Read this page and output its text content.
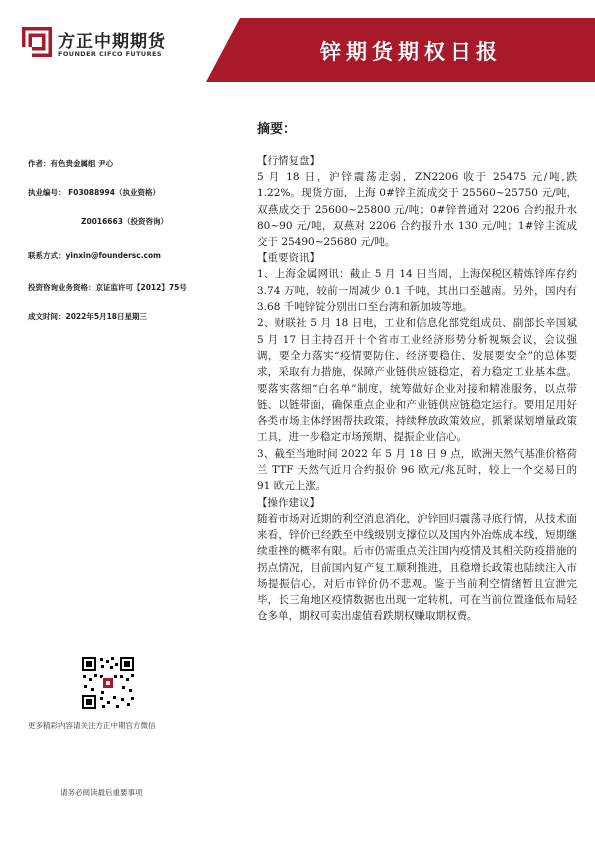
方正中期期货
FOUNDER CIFCO FUTURES	锌期货期权日报
作者：有色贵金属组 尹心
执业编号： F03088994（执业资格）
Z0016663（投资咨询）
联系方式：yinxin@foundersc.com
投资咨询业务资格：京证监许可【2012】75号
成文时间：2022年5月18日星期三
更多精彩内容请关注方正中期官方微信
请务必阅读最后重要事项
摘要：
【行情复盘】

5 月 18 日，沪锌震荡走弱，ZN2206 收于 25475 元/吨,跌 1.22%。现货方面，上海 0#锌主流成交于 25560~25750 元/吨，双燕成交于 25600~25800 元/吨；0#锌普通对 2206 合约报升水 80~90 元/吨，双燕对 2206 合约报升水 130 元/吨；1#锌主流成交于 25490~25680 元/吨。

【重要资讯】

1、上海金属网讯：截止 5 月 14 日当周，上海保税区精炼锌库存约 3.74 万吨，较前一周减少 0.1 千吨，其出口至越南。另外，国内有 3.68 千吨锌锭分别出口至台湾和新加坡等地。

2、财联社 5 月 18 日电，工业和信息化部党组成员、副部长辛国斌 5 月 17 日主持召开十个省市工业经济形势分析视频会议，会议强调，要全力落实“疫情要防住、经济要稳住、发展要安全”的总体要求，采取有力措施，保障产业链供应链稳定，着力稳定工业基本盘。要落实落细“白名单”制度，统筹做好企业对接和精准服务，以点带链、以链带面，确保重点企业和产业链供应链稳定运行。要用足用好各类市场主体纾困帮扶政策，持续释放政策效应，抓紧谋划增量政策工具，进一步稳定市场预期、提振企业信心。

3、截至当地时间 2022 年 5 月 18 日 9 点，欧洲天然气基准价格荷兰 TTF 天然气近月合约报价 96 欧元/兆瓦时，较上一个交易日的 91 欧元上涨。

【操作建议】

随着市场对近期的利空消息消化，沪锌回归震荡寻底行情，从技术面来看，锌价已经跌至中线级别支撑位以及国内外冶炼成本线，短期继续重挫的概率有限。后市仍需重点关注国内疫情及其相关防疫措施的拐点情况，目前国内复产复工顺利推进，且稳增长政策也陆续注入市场提振信心，对后市锌价仍不悲观。鉴于当前利空情绪暂且宣泄完毕，长三角地区疫情数据也出现一定转机，可在当前位置逢低布局轻仓多单，期权可卖出虚值看跌期权赚取期权费。
